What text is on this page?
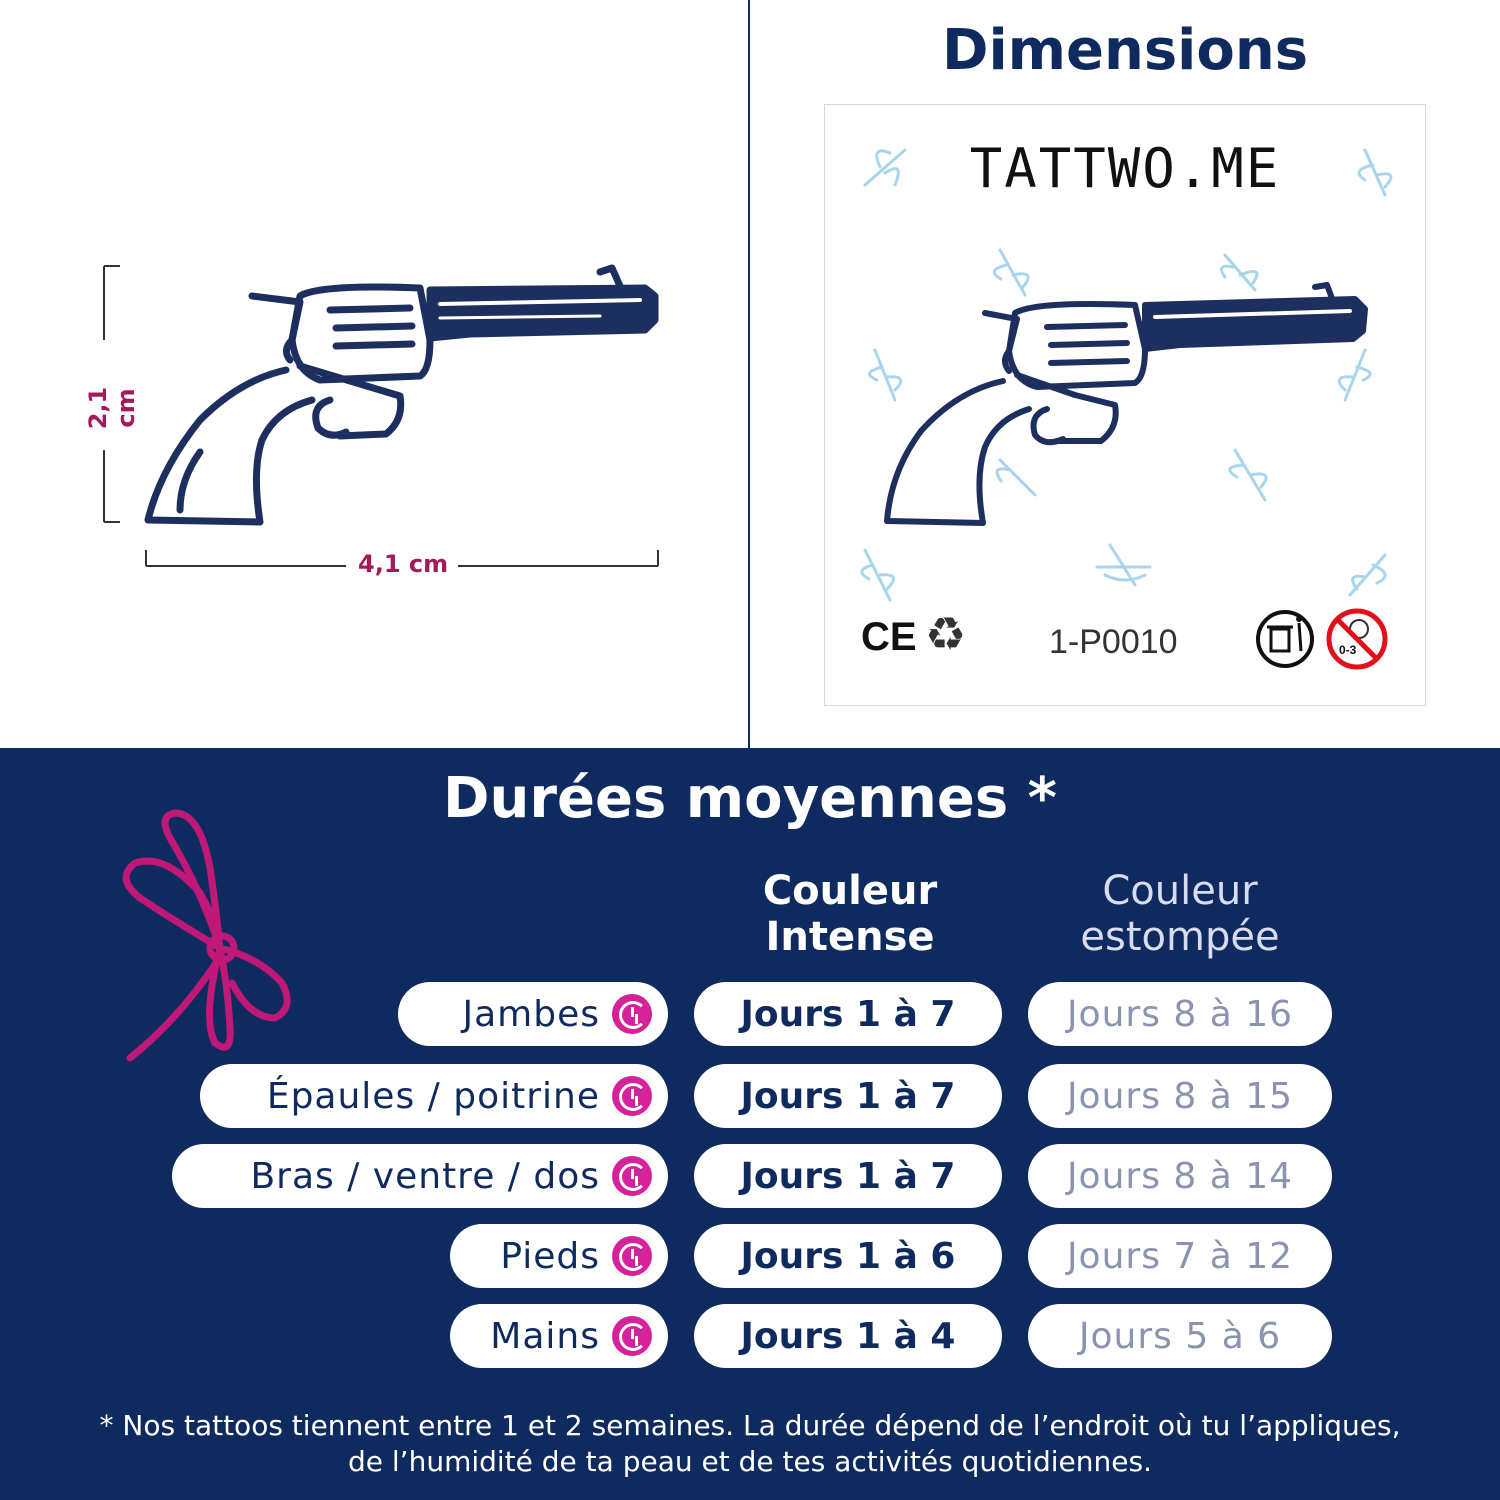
4,1 cm
2,1 cm
Dimensions
TATTWO.ME
CE ♻ 1-P0010	0-3
Durées moyennes *
Couleur
Intense
Couleur
estompée
Jambes	Jours 1 à 7	Jours 8 à 16
Épaules / poitrine	Jours 1 à 7	Jours 8 à 15
Bras / ventre / dos	Jours 1 à 7	Jours 8 à 14
Pieds	Jours 1 à 6	Jours 7 à 12
Mains	Jours 1 à 4	Jours 5 à 6
* Nos tattoos tiennent entre 1 et 2 semaines. La durée dépend de l’endroit où tu l’appliques,
de l’humidité de ta peau et de tes activités quotidiennes.
